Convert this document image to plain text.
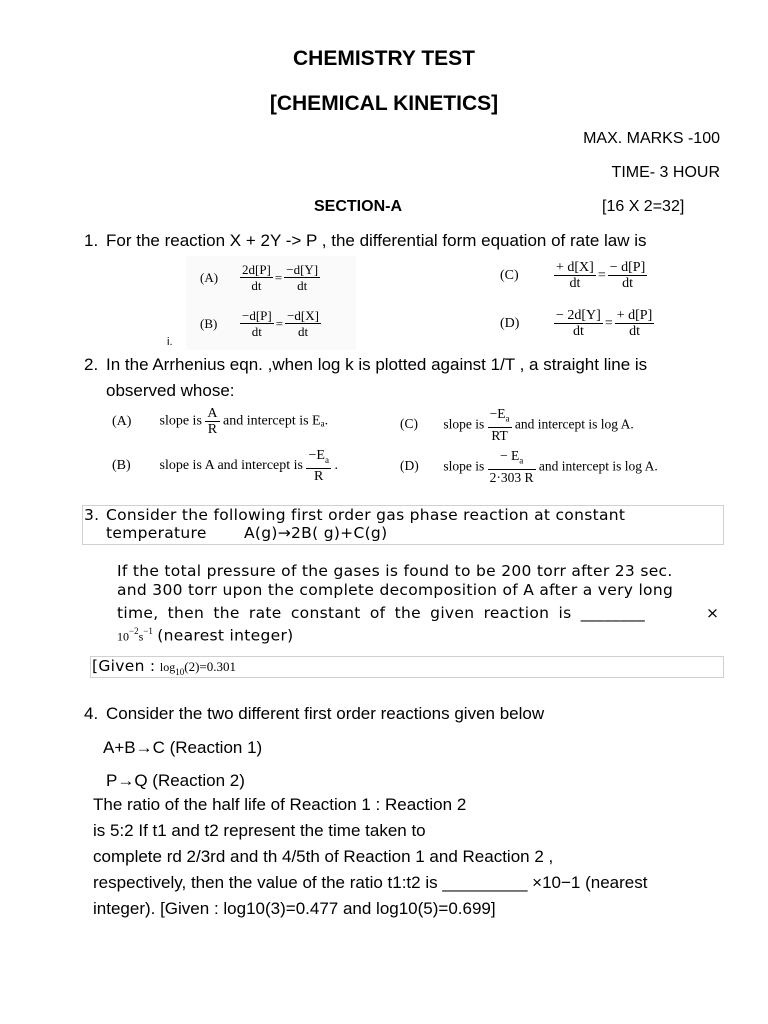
CHEMISTRY TEST
[CHEMICAL KINETICS]
MAX. MARKS -100
TIME- 3 HOUR
SECTION-A	[16 X 2=32]
1. For the reaction X + 2Y -> P , the differential form equation of rate law is
$(A) \frac{2d[P]}{dt} = \frac{-d[Y]}{dt}$
$(B) \frac{-d[P]}{dt} = \frac{-d[X]}{dt}$
i.
(C)	$\frac{+ d[X]}{dt} = \frac{- d[P]}{dt}$
$(D) \frac{- 2d[Y]}{dt} = \frac{+ d[P]}{dt}$
2. In the Arrhenius eqn. ,when log k is plotted against 1/T , a straight line is
observed whose:
(A) slope is $\frac{A}{R}$ and intercept is $E_a$.
(B) slope is A and intercept is $\frac{-E_a}{R}$ .
(C) slope is $\frac{-E_a}{RT}$ and intercept is log A.
(D) slope is $\frac{- E_a}{2\cdot 303 R}$ and intercept is log A.
3. Consider the following first order gas phase reaction at constant
temperature A(g)→2B( g)+C(g)
If the total pressure of the gases is found to be 200 torr after 23 sec.
and 300 torr upon the complete decomposition of A after a very long
time, then the rate constant of the given reaction is ________	×
$10^{-2}s^{-1}$ (nearest integer)
[Given : $\log_{10}(2)=0.301$
4. Consider the two different first order reactions given below
A+B→C (Reaction 1)
P→Q (Reaction 2)
The ratio of the half life of Reaction 1 : Reaction 2
is 5:2 If t1 and t2 represent the time taken to
complete rd 2/3rd and th 4/5th of Reaction 1 and Reaction 2 ,
respectively, then the value of the ratio t1:t2 is _________ ×10−1 (nearest
integer). [Given : log10(3)=0.477 and log10(5)=0.699]
